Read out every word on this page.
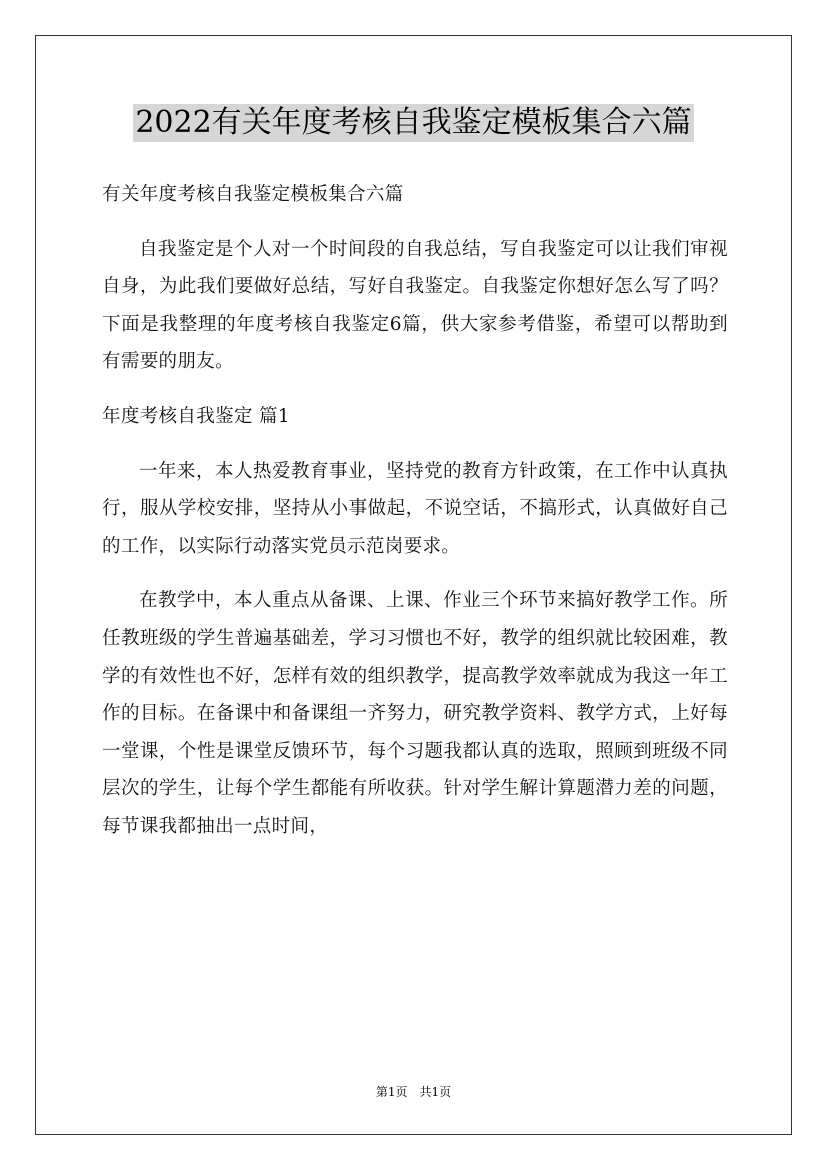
2022有关年度考核自我鉴定模板集合六篇

有关年度考核自我鉴定模板集合六篇

自我鉴定是个人对一个时间段的自我总结，写自我鉴定可以让我们审视自身，为此我们要做好总结，写好自我鉴定。自我鉴定你想好怎么写了吗？下面是我整理的年度考核自我鉴定6篇，供大家参考借鉴，希望可以帮助到有需要的朋友。

年度考核自我鉴定 篇1

一年来，本人热爱教育事业，坚持党的教育方针政策，在工作中认真执行，服从学校安排，坚持从小事做起，不说空话，不搞形式，认真做好自己的工作，以实际行动落实党员示范岗要求。

在教学中，本人重点从备课、上课、作业三个环节来搞好教学工作。所任教班级的学生普遍基础差，学习习惯也不好，教学的组织就比较困难，教学的有效性也不好，怎样有效的组织教学，提高教学效率就成为我这一年工作的目标。在备课中和备课组一齐努力，研究教学资料、教学方式，上好每一堂课，个性是课堂反馈环节，每个习题我都认真的选取，照顾到班级不同层次的学生，让每个学生都能有所收获。针对学生解计算题潜力差的问题，每节课我都抽出一点时间，

第1页 共1页
